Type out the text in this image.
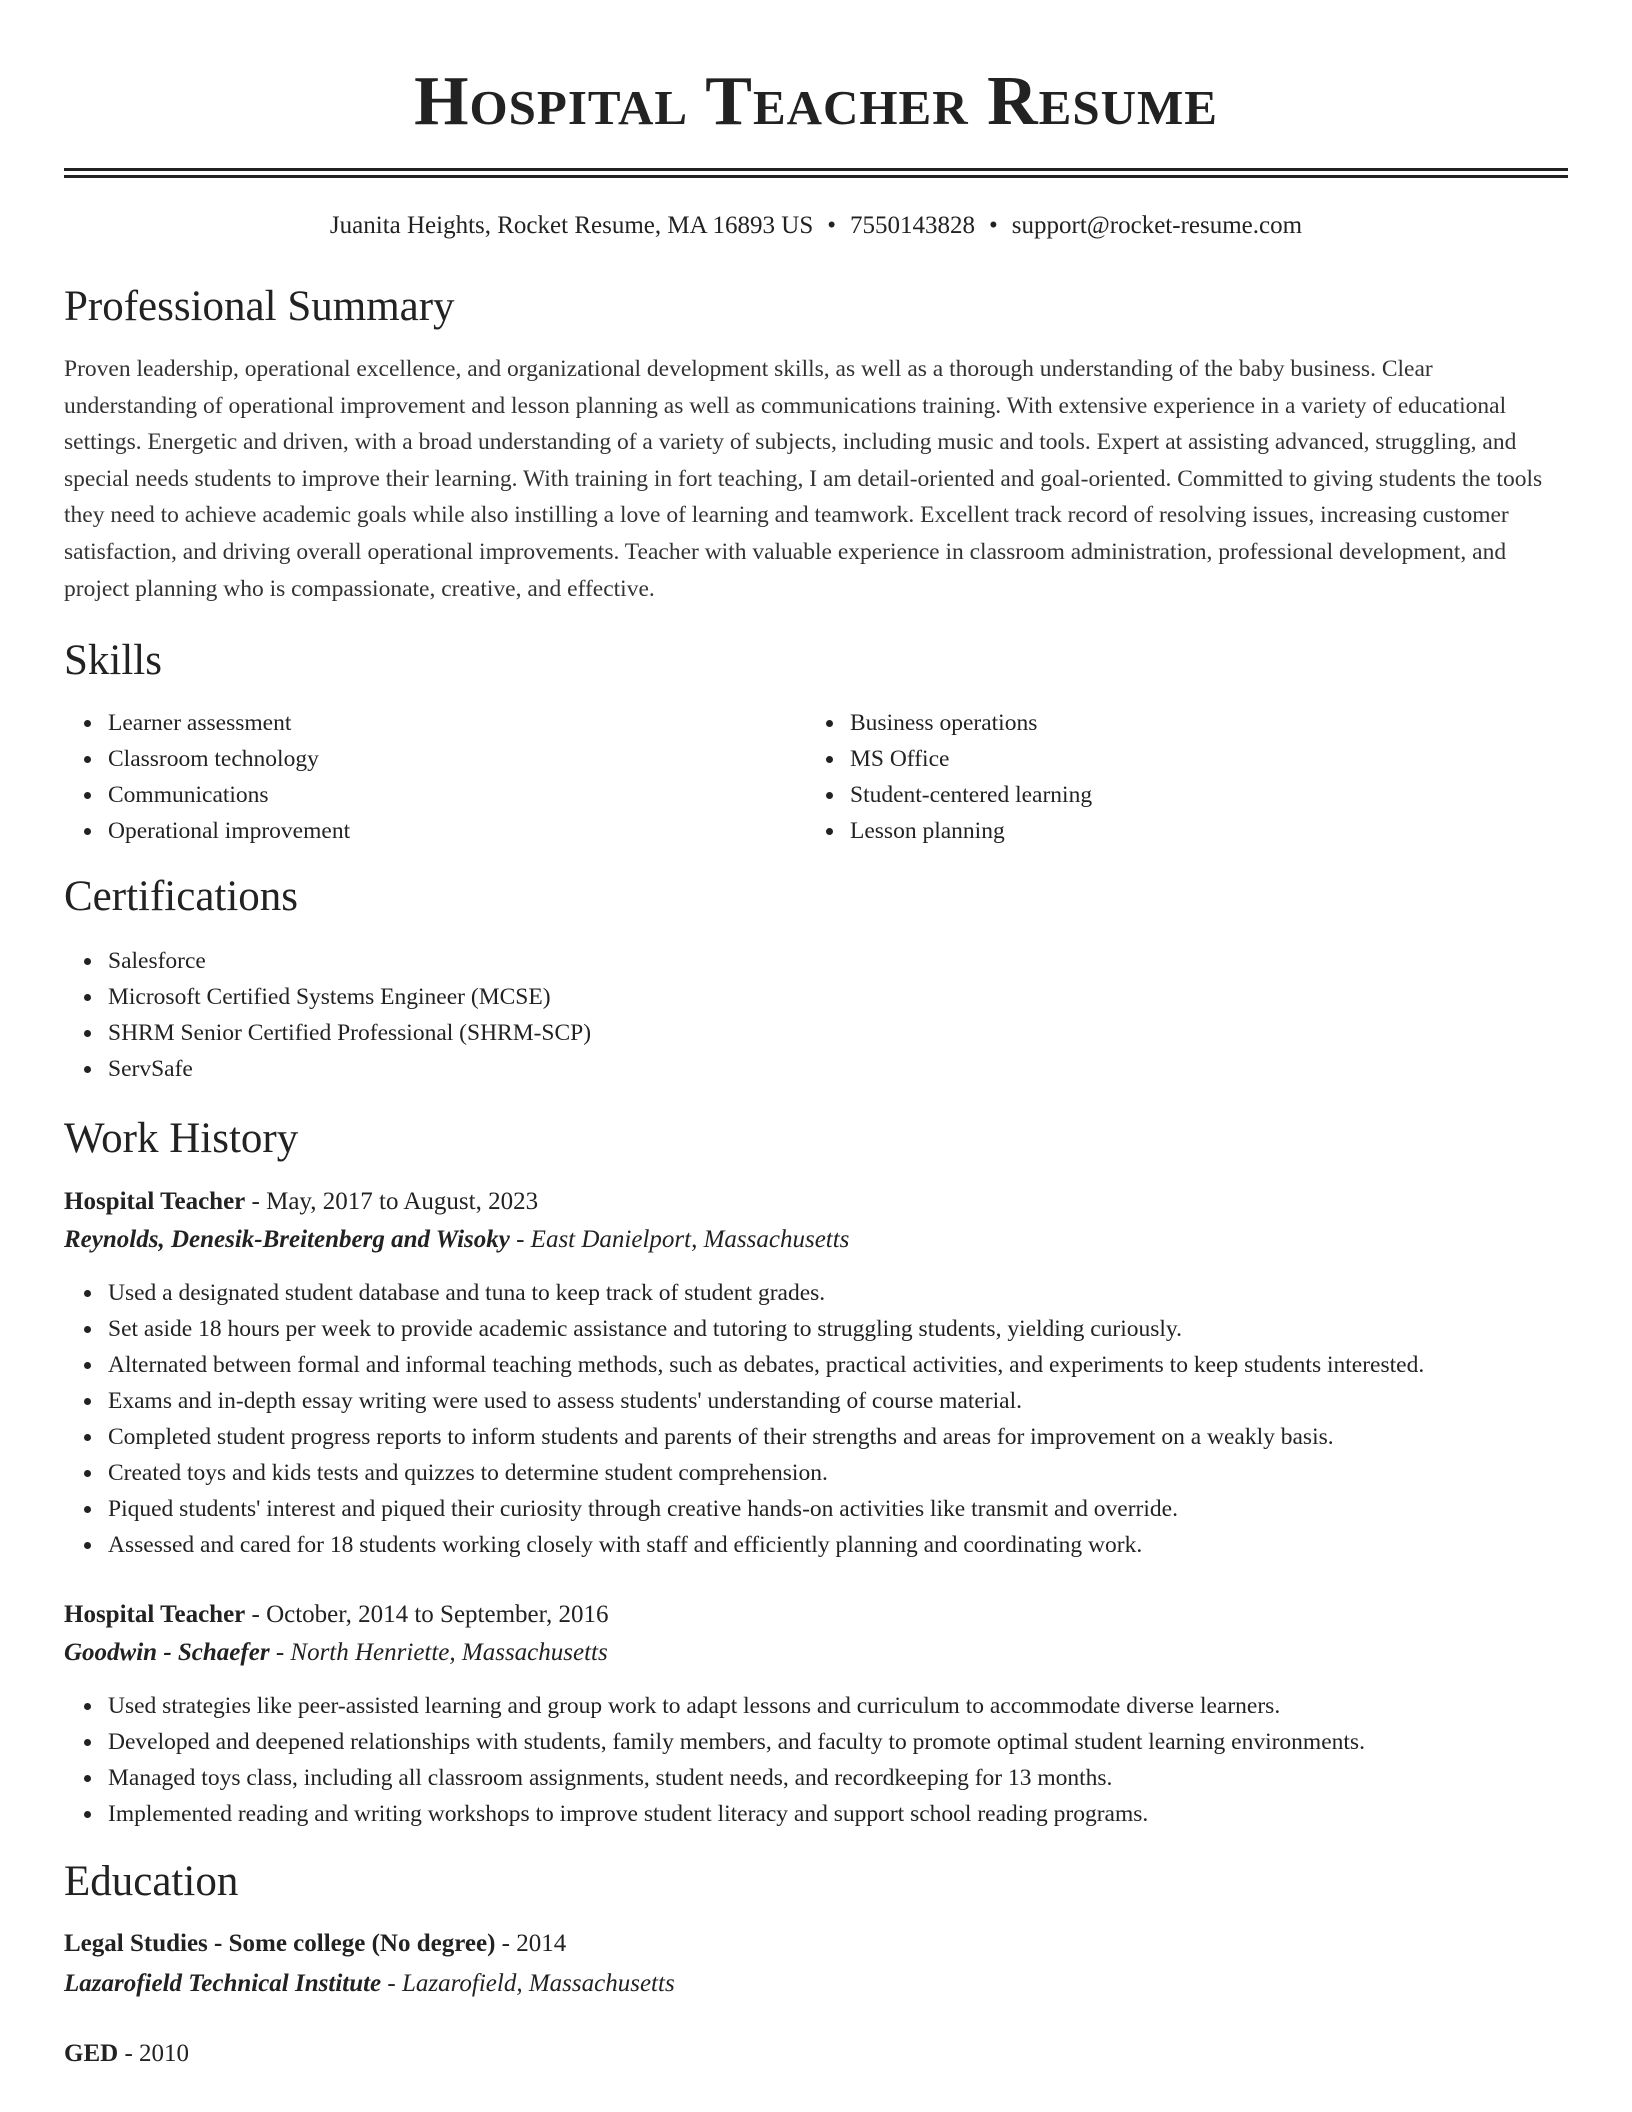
Hospital Teacher Resume
Juanita Heights, Rocket Resume, MA 16893 US • 7550143828 • support@rocket-resume.com
Professional Summary

Proven leadership, operational excellence, and organizational development skills, as well as a thorough understanding of the baby business. Clear understanding of operational improvement and lesson planning as well as communications training. With extensive experience in a variety of educational settings. Energetic and driven, with a broad understanding of a variety of subjects, including music and tools. Expert at assisting advanced, struggling, and special needs students to improve their learning. With training in fort teaching, I am detail-oriented and goal-oriented. Committed to giving students the tools they need to achieve academic goals while also instilling a love of learning and teamwork. Excellent track record of resolving issues, increasing customer satisfaction, and driving overall operational improvements. Teacher with valuable experience in classroom administration, professional development, and project planning who is compassionate, creative, and effective.

Skills
Learner assessment
Classroom technology
Communications
Operational improvement
Business operations
MS Office
Student-centered learning
Lesson planning
Certifications
Salesforce
Microsoft Certified Systems Engineer (MCSE)
SHRM Senior Certified Professional (SHRM-SCP)
ServSafe
Work History
Hospital Teacher - May, 2017 to August, 2023
Reynolds, Denesik-Breitenberg and Wisoky - East Danielport, Massachusetts
Used a designated student database and tuna to keep track of student grades.
Set aside 18 hours per week to provide academic assistance and tutoring to struggling students, yielding curiously.
Alternated between formal and informal teaching methods, such as debates, practical activities, and experiments to keep students interested.
Exams and in-depth essay writing were used to assess students' understanding of course material.
Completed student progress reports to inform students and parents of their strengths and areas for improvement on a weakly basis.
Created toys and kids tests and quizzes to determine student comprehension.
Piqued students' interest and piqued their curiosity through creative hands-on activities like transmit and override.
Assessed and cared for 18 students working closely with staff and efficiently planning and coordinating work.
Hospital Teacher - October, 2014 to September, 2016
Goodwin - Schaefer - North Henriette, Massachusetts
Used strategies like peer-assisted learning and group work to adapt lessons and curriculum to accommodate diverse learners.
Developed and deepened relationships with students, family members, and faculty to promote optimal student learning environments.
Managed toys class, including all classroom assignments, student needs, and recordkeeping for 13 months.
Implemented reading and writing workshops to improve student literacy and support school reading programs.
Education
Legal Studies - Some college (No degree) - 2014
Lazarofield Technical Institute - Lazarofield, Massachusetts
GED - 2010
